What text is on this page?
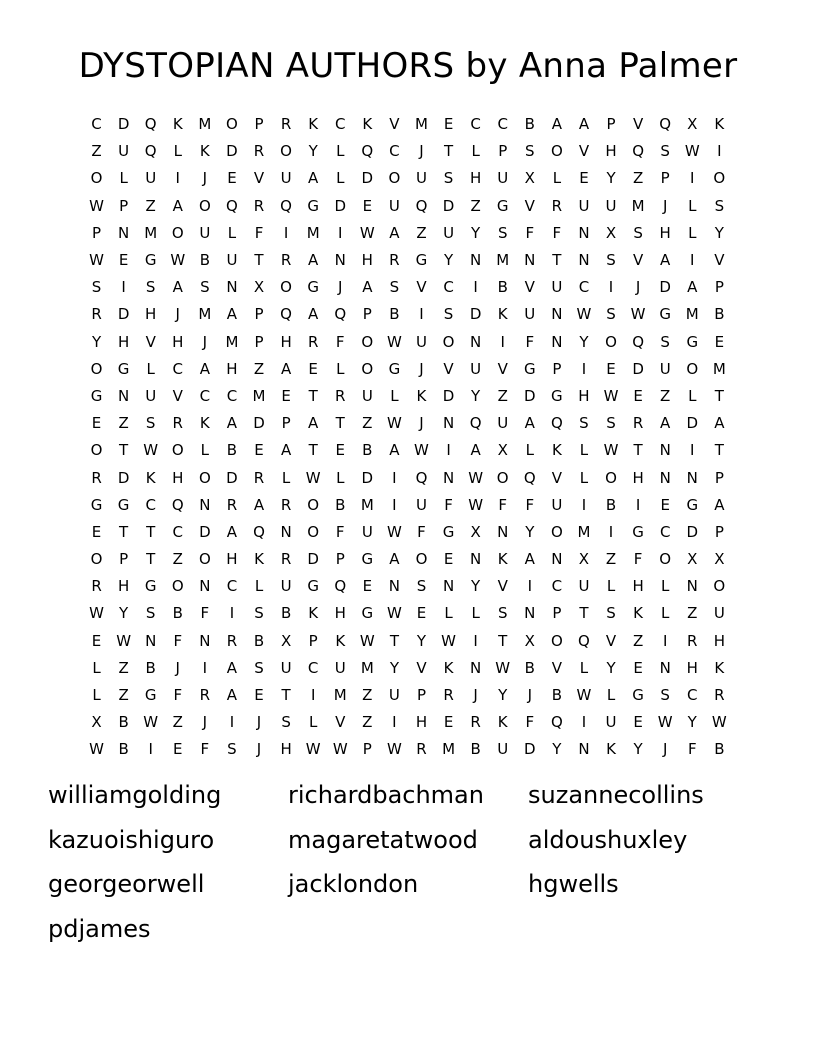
DYSTOPIAN AUTHORS by Anna Palmer
C	D	Q	K	M O	P	R	K	C	K	V	M	E	C	C	B	A	A	P	V	Q	X	K
Z	U	Q	L	K	D	R	O	Y	L	Q	C	J	T	L	P	S	O	V	H	Q	S W	I
O	L	U	I	J	E	V	U	A	L	D	O	U	S	H	U	X	L	E	Y	Z	P	I	O
W	P	Z	A	O	Q	R	Q	G	D	E	U	Q	D	Z	G	V	R	U	U	M	J	L	S
P	N M O	U	L	F	I	M	I	W A	Z	U	Y	S	F	F	N	X	S	H	L	Y
W E	G W B	U	T	R	A	N	H	R	G	Y	N M N	T	N	S	V	A	I	V
S	I	S	A	S	N	X	O	G	J	A	S	V	C	I	B	V	U	C	I	J	D	A	P
R	D	H	J	M	A	P	Q	A	Q	P	B	I	S	D	K	U	N W S W G M	B
Y	H	V	H	J	M	P	H	R	F	O W U	O	N	I	F	N	Y	O	Q	S	G	E
O	G	L	C	A	H	Z	A	E	L	O	G	J	V	U	V	G	P	I	E	D	U	O M
G	N	U	V	C	C	M	E	T	R	U	L	K	D	Y	Z	D	G	H W E	Z	L	T
E	Z	S	R	K	A	D	P	A	T	Z W	J	N	Q	U	A	Q	S	S	R	A	D	A
O	T	W O	L	B	E	A	T	E	B	A W	I	A	X	L	K	L	W	T	N	I	T
R	D	K	H	O	D	R	L	W	L	D	I	Q	N W O	Q	V	L	O	H	N	N	P
G	G	C	Q	N	R	A	R	O	B	M	I	U	F	W	F	F	U	I	B	I	E	G	A
E	T	T	C	D	A	Q	N	O	F	U W	F	G	X	N	Y	O M	I	G	C	D	P
O	P	T	Z	O	H	K	R	D	P	G	A	O	E	N	K	A	N	X	Z	F	O	X	X
R	H	G	O	N	C	L	U	G	Q	E	N	S	N	Y	V	I	C	U	L	H	L	N	O
W	Y	S	B	F	I	S	B	K	H	G W E	L	L	S	N	P	T	S	K	L	Z	U
E W N	F	N	R	B	X	P	K W	T	Y	W	I	T	X	O	Q	V	Z	I	R	H
L	Z	B	J	I	A	S	U	C	U	M	Y	V	K	N W B	V	L	Y	E	N	H	K
L	Z	G	F	R	A	E	T	I	M	Z	U	P	R	J	Y	J	B W	L	G	S	C	R
X	B W Z	J	I	J	S	L	V	Z	I	H	E	R	K	F	Q	I	U	E W	Y	W
W B	I	E	F	S	J	H W W	P	W R	M	B	U	D	Y	N	K	Y	J	F	B
williamgolding	richardbachman	suzannecollins
kazuoishiguro	magaretatwood	aldoushuxley
georgeorwell	jacklondon	hgwells
pdjames
